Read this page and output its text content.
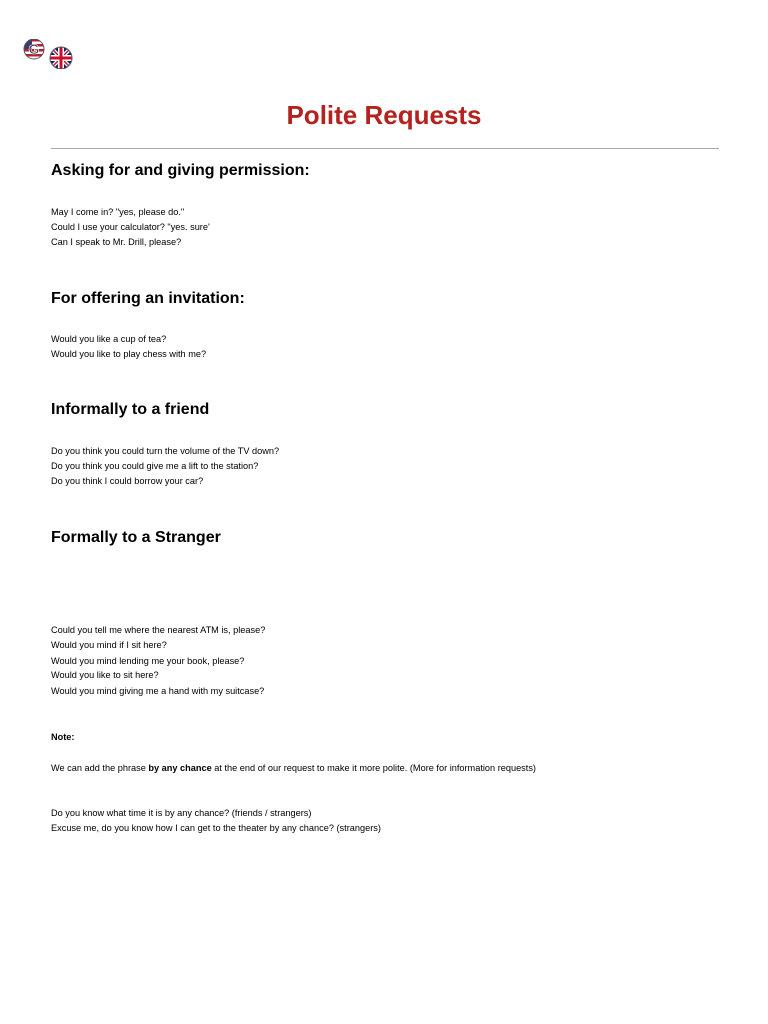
G
Polite Requests
Asking for and giving permission:

May I come in? "yes, please do."

Could I use your calculator? "yes. sure'

Can I speak to Mr. Drill, please?

For offering an invitation:

Would you like a cup of tea?

Would you like to play chess with me?

Informally to a friend

Do you think you could turn the volume of the TV down?

Do you think you could give me a lift to the station?

Do you think I could borrow your car?

Formally to a Stranger

Could you tell me where the nearest ATM is, please?

Would you mind if I sit here?

Would you mind lending me your book, please?

Would you like to sit here?

Would you mind giving me a hand with my suitcase?

Note:

We can add the phrase by any chance at the end of our request to make it more polite. (More for information requests)

Do you know what time it is by any chance? (friends / strangers)

Excuse me, do you know how I can get to the theater by any chance? (strangers)
